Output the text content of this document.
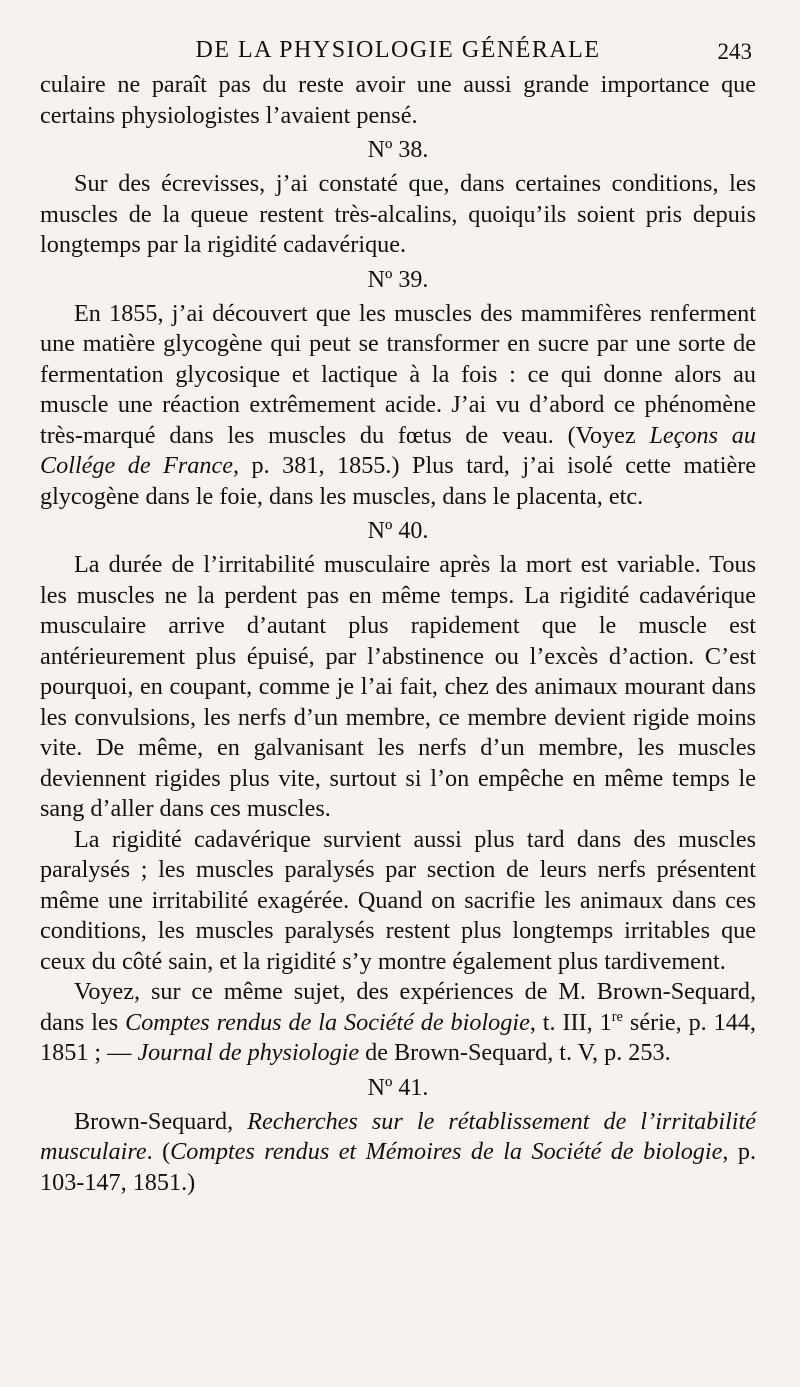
DE LA PHYSIOLOGIE GÉNÉRALE	243

culaire ne paraît pas du reste avoir une aussi grande importance que certains physiologistes l’avaient pensé.

Nº 38.

Sur des écrevisses, j’ai constaté que, dans certaines conditions, les muscles de la queue restent très-alcalins, quoiqu’ils soient pris depuis longtemps par la rigidité cadavérique.

Nº 39.

En 1855, j’ai découvert que les muscles des mammifères renferment une matière glycogène qui peut se transformer en sucre par une sorte de fermentation glycosique et lactique à la fois : ce qui donne alors au muscle une réaction extrêmement acide. J’ai vu d’abord ce phénomène très-marqué dans les muscles du fœtus de veau. (Voyez Leçons au Collége de France, p. 381, 1855.) Plus tard, j’ai isolé cette matière glycogène dans le foie, dans les muscles, dans le placenta, etc.

Nº 40.

La durée de l’irritabilité musculaire après la mort est variable. Tous les muscles ne la perdent pas en même temps. La rigidité cadavérique musculaire arrive d’autant plus rapidement que le muscle est antérieurement plus épuisé, par l’abstinence ou l’excès d’action. C’est pourquoi, en coupant, comme je l’ai fait, chez des animaux mourant dans les convulsions, les nerfs d’un membre, ce membre devient rigide moins vite. De même, en galvanisant les nerfs d’un membre, les muscles deviennent rigides plus vite, surtout si l’on empêche en même temps le sang d’aller dans ces muscles.

La rigidité cadavérique survient aussi plus tard dans des muscles paralysés ; les muscles paralysés par section de leurs nerfs présentent même une irritabilité exagérée. Quand on sacrifie les animaux dans ces conditions, les muscles paralysés restent plus longtemps irritables que ceux du côté sain, et la rigidité s’y montre également plus tardivement.

Voyez, sur ce même sujet, des expériences de M. Brown-Sequard, dans les Comptes rendus de la Société de biologie, t. III, 1re série, p. 144, 1851 ; — Journal de physiologie de Brown-Sequard, t. V, p. 253.

Nº 41.

Brown-Sequard, Recherches sur le rétablissement de l’irritabilité musculaire. (Comptes rendus et Mémoires de la Société de biologie, p. 103-147, 1851.)
